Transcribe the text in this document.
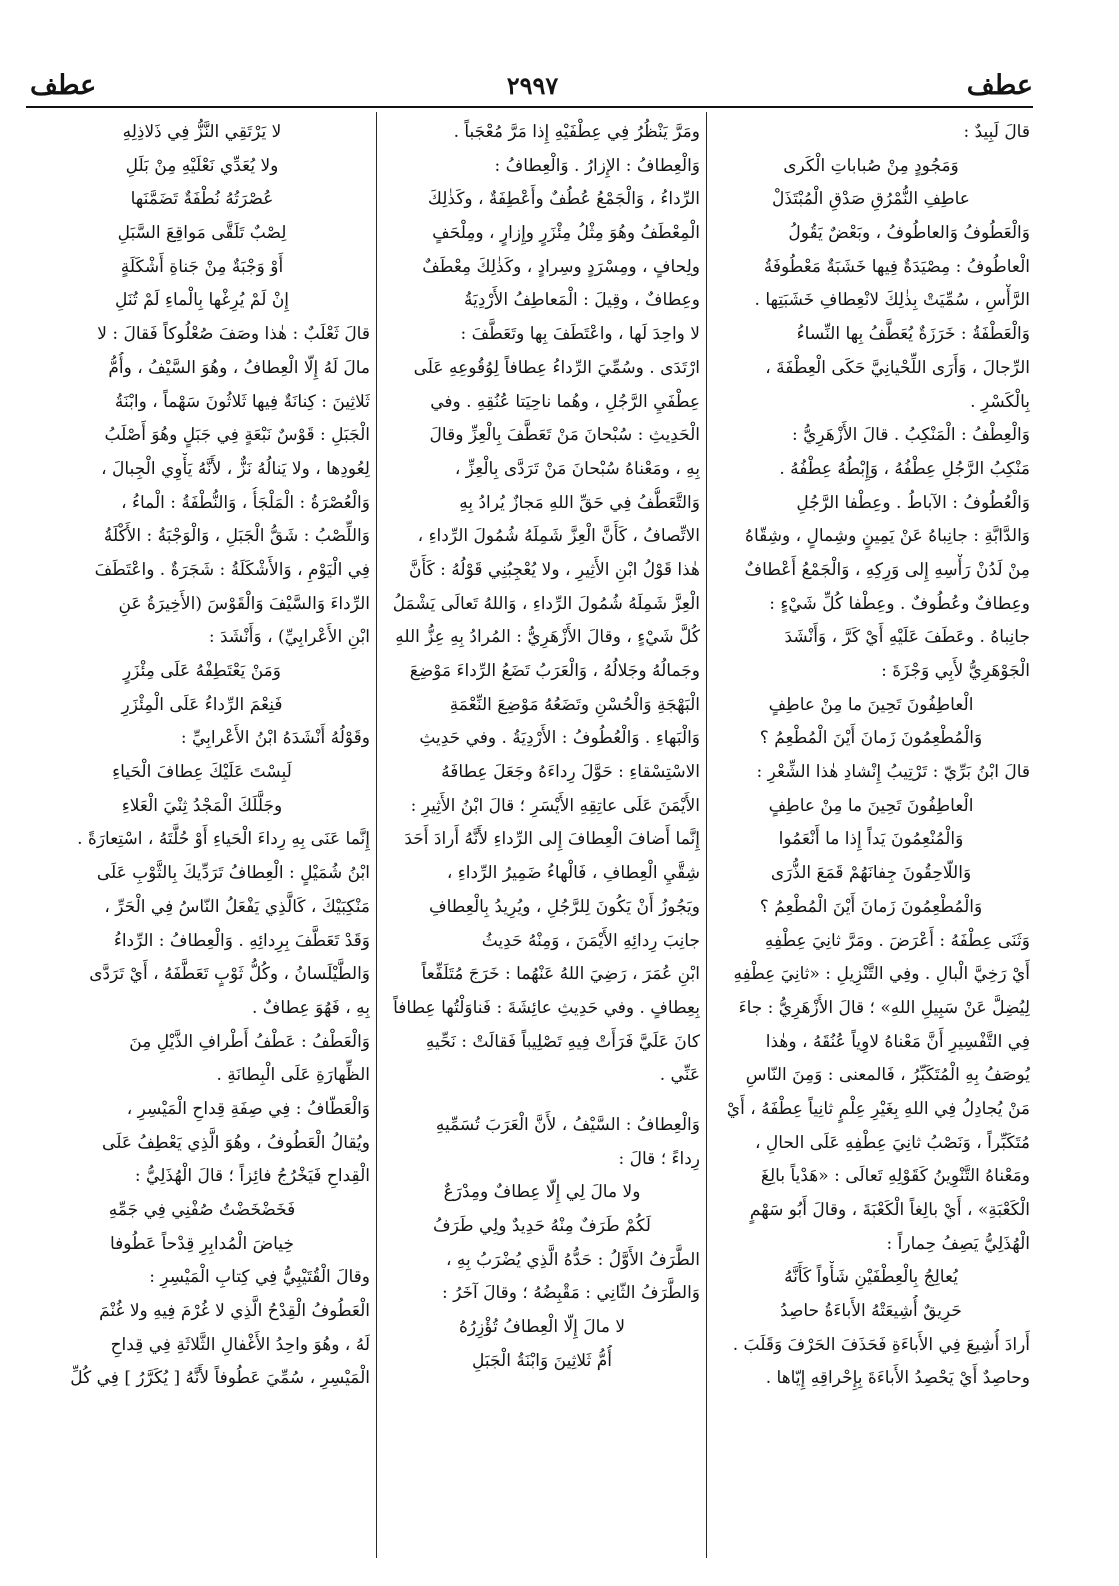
عطف
٢٩٩٧
عطف
قالَ لَبِيدٌ :
وَمَجُودٍ مِنْ صُباباتِ الْكَرى
عاطِفِ النُّمْرُقِ صَدْقِ الْمُبْتَذَلْ
وَالْعَطُوفُ وَالعاطُوفُ ، وبَعْضٌ يَقُولُ
الْعاطُوفُ : مِصْيَدَةٌ فِيها خَشَبَةٌ مَعْطُوفَةُ
الرَّأْسِ ، سُمِّيَتْ بِذٰلِكَ لانْعِطافِ خَشَبَتِها .
وَالْعَطْفَةُ : خَرَزَةٌ يُعَطَّفُ بِها النِّساءُ
الرِّجالَ ، وَأَرَى اللِّحْيانِيَّ حَكَى الْعِطْفَةَ ،
بِالْكَسْرِ .
وَالْعِطْفُ : الْمَنْكِبُ . قالَ الأَزْهَرِيُّ :
مَنْكِبُ الرَّجُلِ عِطْفُهُ ، وَإِبْطُهُ عِطْفُهُ .
وَالْعُطُوفُ : الآباطُ . وعِطْفا الرَّجُلِ
وَالدَّابَّةِ : جانِباهُ عَنْ يَمِينٍ وشِمالٍ ، وشِقّاهُ
مِنْ لَدُنْ رَأْسِهِ إِلى وَرِكِهِ ، وَالْجَمْعُ أَعْطافٌ
وعِطافٌ وعُطُوفٌ . وعِطْفا كُلِّ شَيْءٍ :
جانِباهُ . وعَطَفَ عَلَيْهِ أَيْ كَرَّ ، وَأَنْشَدَ
الْجَوْهَرِيُّ لأَبِي وَجْزَةَ :
الْعاطِفُونَ تَحِينَ ما مِنْ عاطِفٍ
وَالْمُطْعِمُونَ زَمانَ أَيْنَ الْمُطْعِمُ ؟
قالَ ابْنُ بَرِّيّ : تَرْتِيبُ إِنْشادِ هٰذا الشِّعْرِ :
الْعاطِفُونَ تَحِينَ ما مِنْ عاطِفٍ
وَالْمُنْعِمُونَ يَداً إِذا ما أَنْعَمُوا
وَاللّاحِقُونَ جِفانَهُمْ قَمَعَ الذُّرَى
وَالْمُطْعِمُونَ زَمانَ أَيْنَ الْمُطْعِمُ ؟
وَثَنَى عِطْفَهُ : أَعْرَضَ . ومَرَّ ثانِيَ عِطْفِهِ
أَيْ رَخِيَّ الْبالِ . وفِي التَّنْزِيلِ : «ثانِيَ عِطْفِهِ
لِيُضِلَّ عَنْ سَبِيلِ اللهِ» ؛ قالَ الأَزْهَرِيُّ : جاءَ
فِي التَّفْسِيرِ أَنَّ مَعْناهُ لاوِياً عُنُقَهُ ، وهٰذا
يُوصَفُ بِهِ الْمُتَكَبِّرُ ، فَالمعنى : وَمِنَ النّاسِ
مَنْ يُجادِلُ فِي اللهِ بِغَيْرِ عِلْمٍ ثانِياً عِطْفَهُ ، أَيْ
مُتَكَبِّراً ، وَنَصْبُ ثانِيَ عِطْفِهِ عَلَى الحالِ ،
ومَعْناهُ التَّنْوِينُ كَقَوْلِهِ تَعالَى : «هَدْياً بالِغَ
الْكَعْبَةِ» ، أَيْ بالِغاً الْكَعْبَةَ ، وقالَ أَبُو سَهْمٍ
الْهُذَلِيُّ يَصِفُ حِماراً :
يُعالِجُ بِالْعِطْفَيْنِ شَأْواً كَأَنَّهُ
حَرِيقٌ أُشِيعَتْهُ الأَباءَةُ حاصِدُ
أَرادَ أُشِيعَ فِي الأَباءَةِ فَحَذَفَ الحَرْفَ وَقَلَبَ .
وحاصِدٌ أَيْ يَحْصِدُ الأَباءَةَ بِإِحْراقِهِ إِيّاها .
ومَرَّ يَنْظُرُ فِي عِطْفَيْهِ إِذا مَرَّ مُعْجَباً .
وَالْعِطافُ : الإِزارُ . وَالْعِطافُ :
الرِّداءُ ، وَالْجَمْعُ عُطُفٌ وأَعْطِفَةٌ ، وكَذٰلِكَ
الْمِعْطَفُ وهُوَ مِثْلُ مِئْزَرٍ وإِزارٍ ، ومِلْحَفٍ
ولِحافٍ ، ومِسْرَدٍ وسِرادٍ ، وكَذٰلِكَ مِعْطَفٌ
وعِطافٌ ، وقِيلَ : الْمَعاطِفُ الأَرْدِيَةُ
لا واحِدَ لَها ، واعْتَطَفَ بِها وتَعَطَّفَ :
ارْتَدَى . وسُمِّيَ الرِّداءُ عِطافاً لِوُقُوعِهِ عَلَى
عِطْفَيِ الرَّجُلِ ، وهُما ناحِيَتا عُنُقِهِ . وفي
الْحَدِيثِ : سُبْحانَ مَنْ تَعَطَّفَ بِالْعِزِّ وقالَ
بِهِ ، ومَعْناهُ سُبْحانَ مَنْ تَرَدَّى بِالْعِزِّ ،
وَالتَّعَطُّفُ فِي حَقِّ اللهِ مَجازٌ يُرادُ بِهِ
الاتِّصافُ ، كَأَنَّ الْعِزَّ شَمِلَهُ شُمُولَ الرِّداءِ ،
هٰذا قَوْلُ ابْنِ الأَثِيرِ ، ولا يُعْجِبُنِي قَوْلُهُ : كَأَنَّ
الْعِزَّ شَمِلَهُ شُمُولَ الرِّداءِ ، وَاللهُ تَعالَى يَشْمَلُ
كُلَّ شَيْءٍ ، وقالَ الأَزْهَرِيُّ : المُرادُ بِهِ عِزُّ اللهِ
وجَمالُهُ وجَلالُهُ ، وَالْعَرَبُ تَضَعُ الرِّداءَ مَوْضِعَ
الْبَهْجَةِ وَالْحُسْنِ وتَضَعُهُ مَوْضِعَ النِّعْمَةِ
وَالْبَهاءِ . وَالْعُطُوفُ : الأَرْدِيَةُ . وفي حَدِيثِ
الاسْتِسْقاءِ : حَوَّلَ رِداءَهُ وجَعَلَ عِطافَهُ
الأَيْمَنَ عَلَى عاتِقِهِ الأَيْسَرِ ؛ قالَ ابْنُ الأَثِيرِ :
إِنَّما أَضافَ الْعِطافَ إِلى الرِّداءِ لأَنَّهُ أَرادَ أَحَدَ
شِقَّيِ الْعِطافِ ، فَالْهاءُ ضَمِيرُ الرِّداءِ ،
ويَجُوزُ أَنْ يَكُونَ لِلرَّجُلِ ، ويُرِيدُ بِالْعِطافِ
جانِبَ رِدائِهِ الأَيْمَنَ ، وَمِنْهُ حَدِيثُ
ابْنِ عُمَرَ ، رَضِيَ اللهُ عَنْهُما : خَرَجَ مُتَلَفِّعاً
بِعِطافٍ . وفي حَدِيثِ عائِشَةَ : فَناوَلْتُها عِطافاً
كانَ عَلَيَّ فَرَأَتْ فِيهِ تَصْلِيباً فَقالَتْ : نَحِّيهِ
عَنِّي .
وَالْعِطافُ : السَّيْفُ ، لأَنَّ الْعَرَبَ تُسَمِّيهِ
رِداءً ؛ قالَ :
ولا مالَ لِي إِلّا عِطافٌ ومِدْرَعٌ
لَكُمْ طَرَفٌ مِنْهُ حَدِيدٌ ولِي طَرَفُ
الطَّرَفُ الأَوَّلُ : حَدُّهُ الَّذِي يُضْرَبُ بِهِ ،
وَالطَّرَفُ الثّانِي : مَقْبِضُهُ ؛ وقالَ آخَرُ :
لا مالَ إِلّا الْعِطافُ تُؤْزِرُهُ
أُمُّ ثَلاثِينَ وَابْنَةُ الْجَبَلِ
لا يَرْتَقِي النَّزُّ فِي ذَلاذِلِهِ
ولا يُعَدِّي نَعْلَيْهِ مِنْ بَلَلِ
عُصْرَتُهُ نُطْفَةٌ تَضَمَّنَها
لِصْبٌ تَلَقَّى مَواقِعَ السَّبَلِ
أَوْ وَجْبَةٌ مِنْ جَناةِ أَشْكَلَةٍ
إِنْ لَمْ يُرِغْها بِالْماءِ لَمْ تُنَلِ
قالَ ثَعْلَبٌ : هٰذا وصَفَ صُعْلُوكاً فَقالَ : لا
مالَ لَهُ إِلّا الْعِطافُ ، وهُوَ السَّيْفُ ، وأُمُّ
ثَلاثِينَ : كِنانَةٌ فِيها ثَلاثُونَ سَهْماً ، وابْنَةُ
الْجَبَلِ : قَوْسٌ نَبْعَةٍ فِي جَبَلٍ وهُوَ أَصْلَبُ
لِعُودِها ، ولا يَنالُهُ نَزٌّ ، لأَنَّهُ يَأْوِي الْجِبالَ ،
وَالْعُصْرَةُ : الْمَلْجَأُ ، وَالنُّطْفَةُ : الْماءُ ،
وَاللِّصْبُ : شَقُّ الْجَبَلِ ، وَالْوَجْبَةُ : الأَكْلَةُ
فِي الْيَوْمِ ، وَالأَشْكَلَةُ : شَجَرَةٌ . واعْتَطَفَ
الرِّداءَ وَالسَّيْفَ وَالْقَوْسَ (الأَخِيرَةُ عَنِ
ابْنِ الأَعْرابِيِّ) ، وَأَنْشَدَ :
وَمَنْ يَعْتَطِفْهُ عَلَى مِئْزَرٍ
فَنِعْمَ الرِّداءُ عَلَى الْمِئْزَرِ
وقَوْلُهُ أَنْشَدَهُ ابْنُ الأَعْرابِيِّ :
لَبِسْتَ عَلَيْكَ عِطافَ الْحَياءِ
وجَلَّلَكَ الْمَجْدُ ثِنْيَ الْعَلاءِ
إِنَّما عَنَى بِهِ رِداءَ الْحَياءِ أَوْ حُلَّتَهُ ، اسْتِعارَةً .
ابْنُ شُمَيْلٍ : الْعِطافُ تَرَدِّيكَ بِالثَّوْبِ عَلَى
مَنْكِبَيْكَ ، كَالَّذِي يَفْعَلُ النّاسُ فِي الْحَرِّ ،
وَقَدْ تَعَطَّفَ بِرِدائِهِ . وَالْعِطافُ : الرِّداءُ
وَالطَّيْلَسانُ ، وكُلُّ ثَوْبٍ تَعَطَّفَهُ ، أَيْ تَرَدَّى
بِهِ ، فَهُوَ عِطافٌ .
وَالْعَطْفُ : عَطْفُ أَطْرافِ الذَّيْلِ مِنَ
الظِّهارَةِ عَلَى الْبِطانَةِ .
وَالْعَطّافُ : فِي صِفَةِ قِداحِ الْمَيْسِرِ ،
ويُقالُ الْعَطُوفُ ، وهُوَ الَّذِي يَعْطِفُ عَلَى
الْقِداحِ فَيَخْرُجُ فائِزاً ؛ قالَ الْهُذَلِيُّ :
فَخَضْخَضْتُ صُفْنِي فِي جَمِّهِ
خِياضَ الْمُدابِرِ قِدْحاً عَطُوفا
وقالَ الْقُتَيْبِيُّ فِي كِتابِ الْمَيْسِرِ :
الْعَطُوفُ الْقِدْحُ الَّذِي لا غُرْمَ فِيهِ ولا غُنْمَ
لَهُ ، وهُوَ واحِدُ الأَغْفالِ الثَّلاثَةِ فِي قِداحِ
الْمَيْسِرِ ، سُمِّيَ عَطُوفاً لأَنَّهُ [ يُكَرَّرُ ] فِي كُلِّ
